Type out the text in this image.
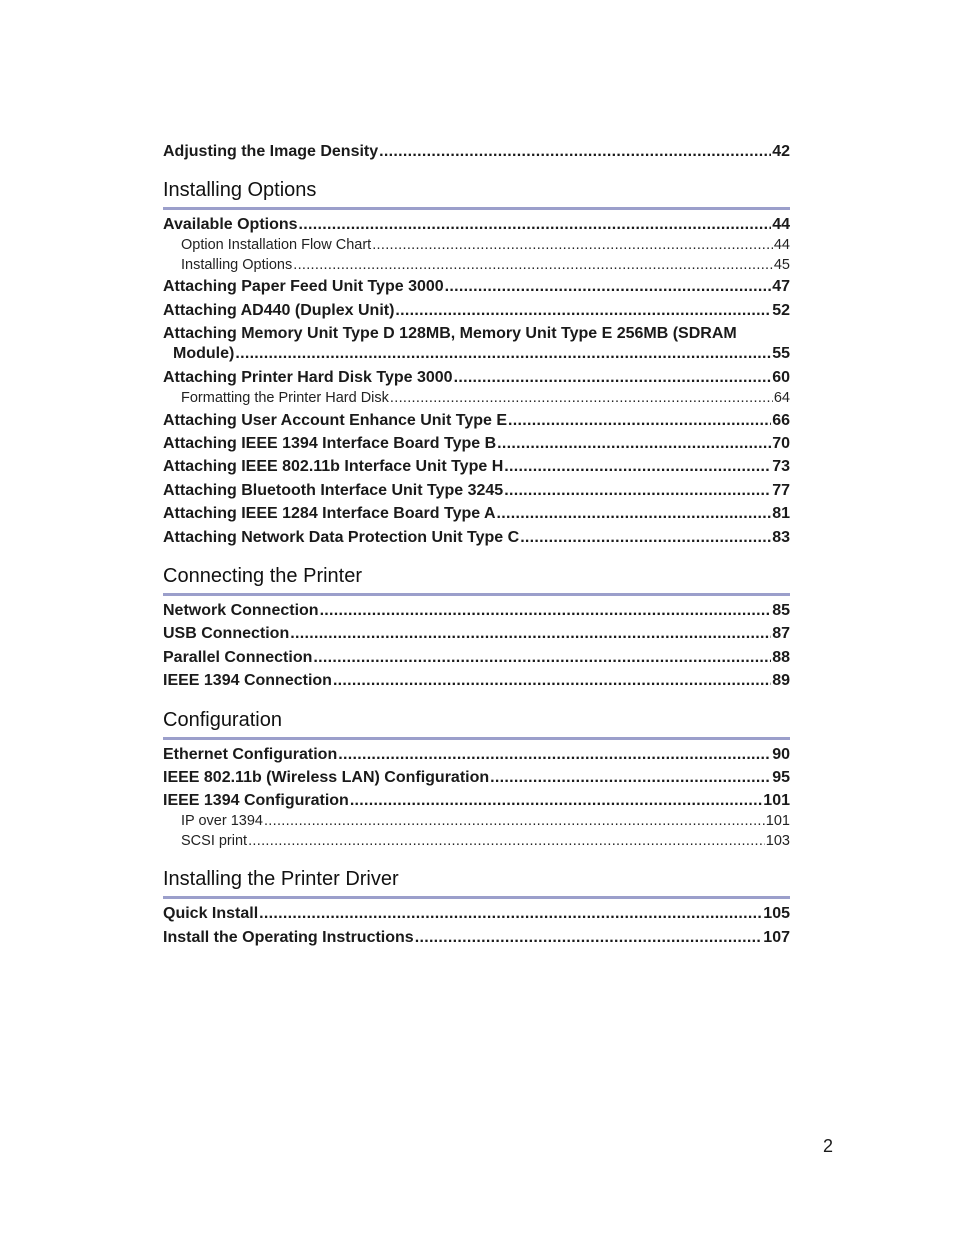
Adjusting the Image Density .....	42
Installing Options
Available Options .....	44
Option Installation Flow Chart .....	44
Installing Options .....	45
Attaching Paper Feed Unit Type 3000 .....	47
Attaching AD440 (Duplex Unit) .....	52
Attaching Memory Unit Type D 128MB, Memory Unit Type E 256MB (SDRAM
Module) .....	55
Attaching Printer Hard Disk Type 3000 .....	60
Formatting the Printer Hard Disk .....	64
Attaching User Account Enhance Unit Type E .....	66
Attaching IEEE 1394 Interface Board Type B .....	70
Attaching IEEE 802.11b Interface Unit Type H .....	73
Attaching Bluetooth Interface Unit Type 3245 .....	77
Attaching IEEE 1284 Interface Board Type A .....	81
Attaching Network Data Protection Unit Type C .....	83
Connecting the Printer
Network Connection .....	85
USB Connection .....	87
Parallel Connection .....	88
IEEE 1394 Connection .....	89
Configuration
Ethernet Configuration .....	90
IEEE 802.11b (Wireless LAN) Configuration .....	95
IEEE 1394 Configuration .....	101
IP over 1394 .....	101
SCSI print .....	103
Installing the Printer Driver
Quick Install .....	105
Install the Operating Instructions .....	107
2
